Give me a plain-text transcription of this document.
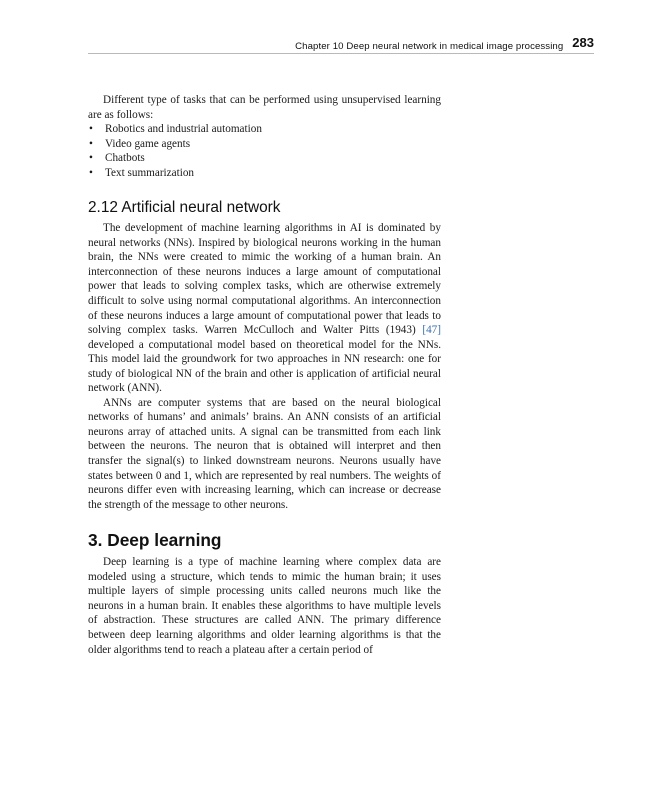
Chapter 10 Deep neural network in medical image processing 283

Different type of tasks that can be performed using unsupervised learning are as follows:

• Robotics and industrial automation
• Video game agents
• Chatbots
• Text summarization
2.12 Artificial neural network

The development of machine learning algorithms in AI is dominated by neural networks (NNs). Inspired by biological neurons working in the human brain, the NNs were created to mimic the working of a human brain. An interconnection of these neurons induces a large amount of computational power that leads to solving complex tasks, which are otherwise extremely difficult to solve using normal computational algorithms. An interconnection of these neurons induces a large amount of computational power that leads to solving complex tasks. Warren McCulloch and Walter Pitts (1943) [47] developed a computational model based on theoretical model for the NNs. This model laid the groundwork for two approaches in NN research: one for study of biological NN of the brain and other is application of artificial neural network (ANN).

ANNs are computer systems that are based on the neural biological networks of humans’ and animals’ brains. An ANN consists of an artificial neurons array of attached units. A signal can be transmitted from each link between the neurons. The neuron that is obtained will interpret and then transfer the signal(s) to linked downstream neurons. Neurons usually have states between 0 and 1, which are represented by real numbers. The weights of neurons differ even with increasing learning, which can increase or decrease the strength of the message to other neurons.

3. Deep learning

Deep learning is a type of machine learning where complex data are modeled using a structure, which tends to mimic the human brain; it uses multiple layers of simple processing units called neurons much like the neurons in a human brain. It enables these algorithms to have multiple levels of abstraction. These structures are called ANN. The primary difference between deep learning algorithms and older learning algorithms is that the older algorithms tend to reach a plateau after a certain period of
